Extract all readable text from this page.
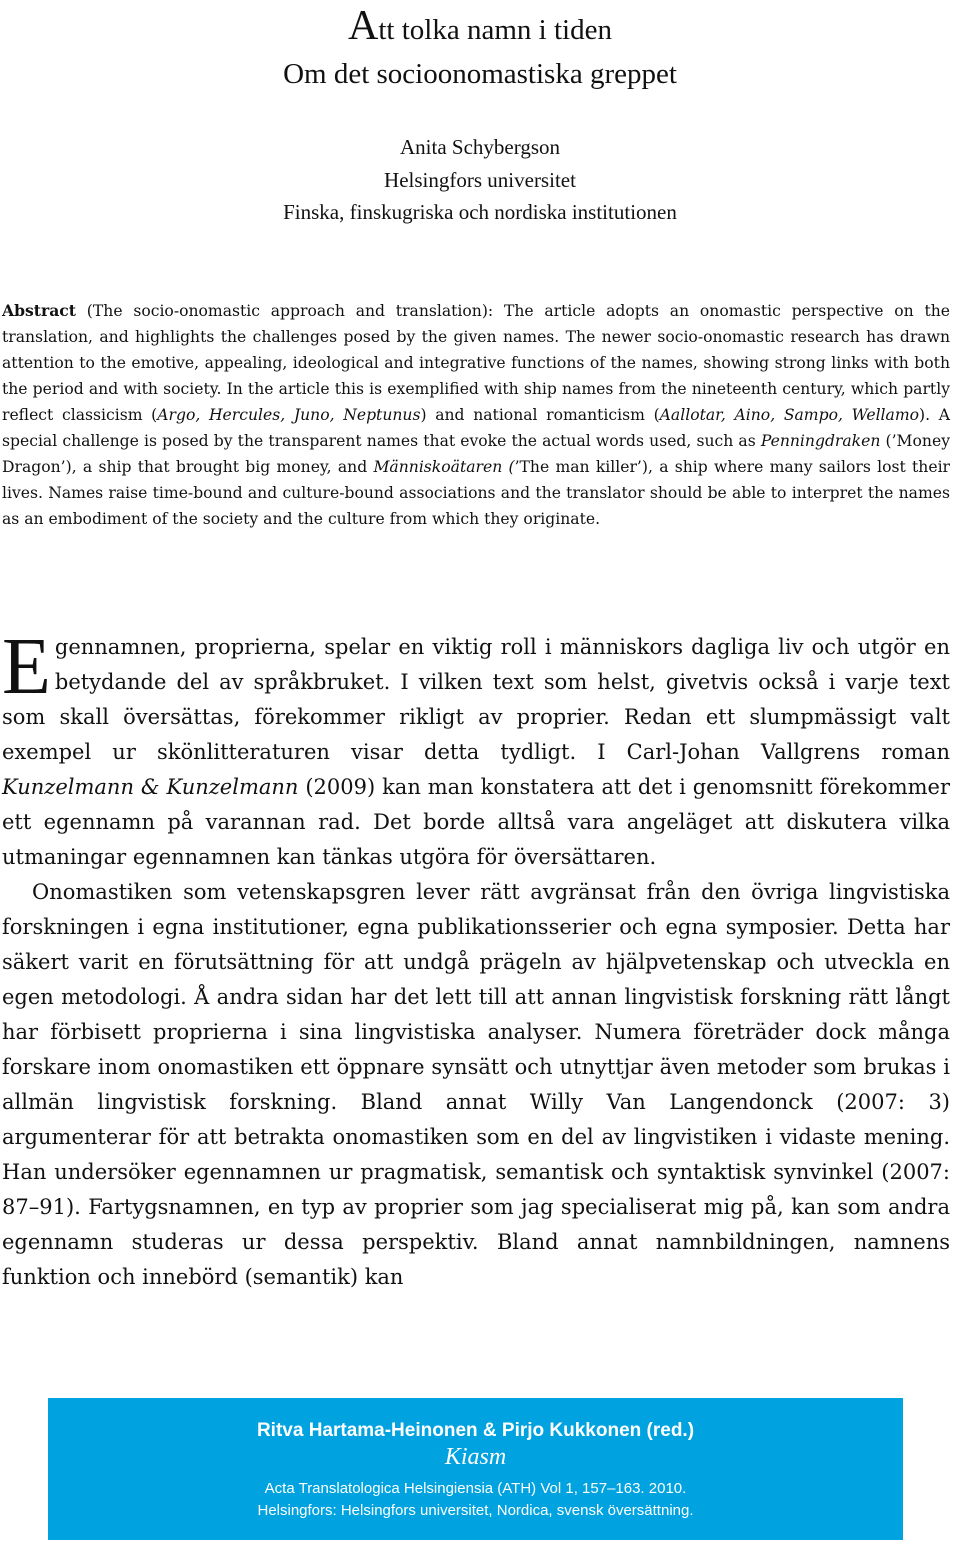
Att tolka namn i tiden
Om det socioonomastiska greppet
Anita Schybergson
Helsingfors universitet
Finska, finskugriska och nordiska institutionen

Abstract (The socio-onomastic approach and translation): The article adopts an onomastic perspective on the translation, and highlights the challenges posed by the given names. The newer socio-onomastic research has drawn attention to the emotive, appealing, ideological and integrative functions of the names, showing strong links with both the period and with society. In the article this is exemplified with ship names from the nineteenth century, which partly reflect classicism (Argo, Hercules, Juno, Neptunus) and national romanticism (Aallotar, Aino, Sampo, Wellamo). A special challenge is posed by the transparent names that evoke the actual words used, such as Penningdraken (’Money Dragon’), a ship that brought big money, and Människoätaren (’The man killer’), a ship where many sailors lost their lives. Names raise time-bound and culture-bound associations and the translator should be able to interpret the names as an embodiment of the society and the culture from which they originate.

Egennamnen, proprierna, spelar en viktig roll i människors dagliga liv och utgör en betydande del av språkbruket. I vilken text som helst, givetvis också i varje text som skall översättas, förekommer rikligt av proprier. Redan ett slumpmässigt valt exempel ur skönlitteraturen visar detta tydligt. I Carl-Johan Vallgrens roman Kunzelmann & Kunzelmann (2009) kan man konstatera att det i genomsnitt förekommer ett egennamn på varannan rad. Det borde alltså vara angeläget att diskutera vilka utmaningar egennamnen kan tänkas utgöra för översättaren.

Onomastiken som vetenskapsgren lever rätt avgränsat från den övriga lingvistiska forskningen i egna institutioner, egna publikationsserier och egna symposier. Detta har säkert varit en förutsättning för att undgå prägeln av hjälpvetenskap och utveckla en egen metodologi. Å andra sidan har det lett till att annan lingvistisk forskning rätt långt har förbisett proprierna i sina lingvistiska analyser. Numera företräder dock många forskare inom onomastiken ett öppnare synsätt och utnyttjar även metoder som brukas i allmän lingvistisk forskning. Bland annat Willy Van Langendonck (2007: 3) argumenterar för att betrakta onomastiken som en del av lingvistiken i vidaste mening. Han undersöker egennamnen ur pragmatisk, semantisk och syntaktisk synvinkel (2007: 87–91). Fartygsnamnen, en typ av proprier som jag specialiserat mig på, kan som andra egennamn studeras ur dessa perspektiv. Bland annat namnbildningen, namnens funktion och innebörd (semantik) kan

Ritva Hartama-Heinonen & Pirjo Kukkonen (red.)
Kiasm
Acta Translatologica Helsingiensia (ATH) Vol 1, 157–163. 2010.
Helsingfors: Helsingfors universitet, Nordica, svensk översättning.
